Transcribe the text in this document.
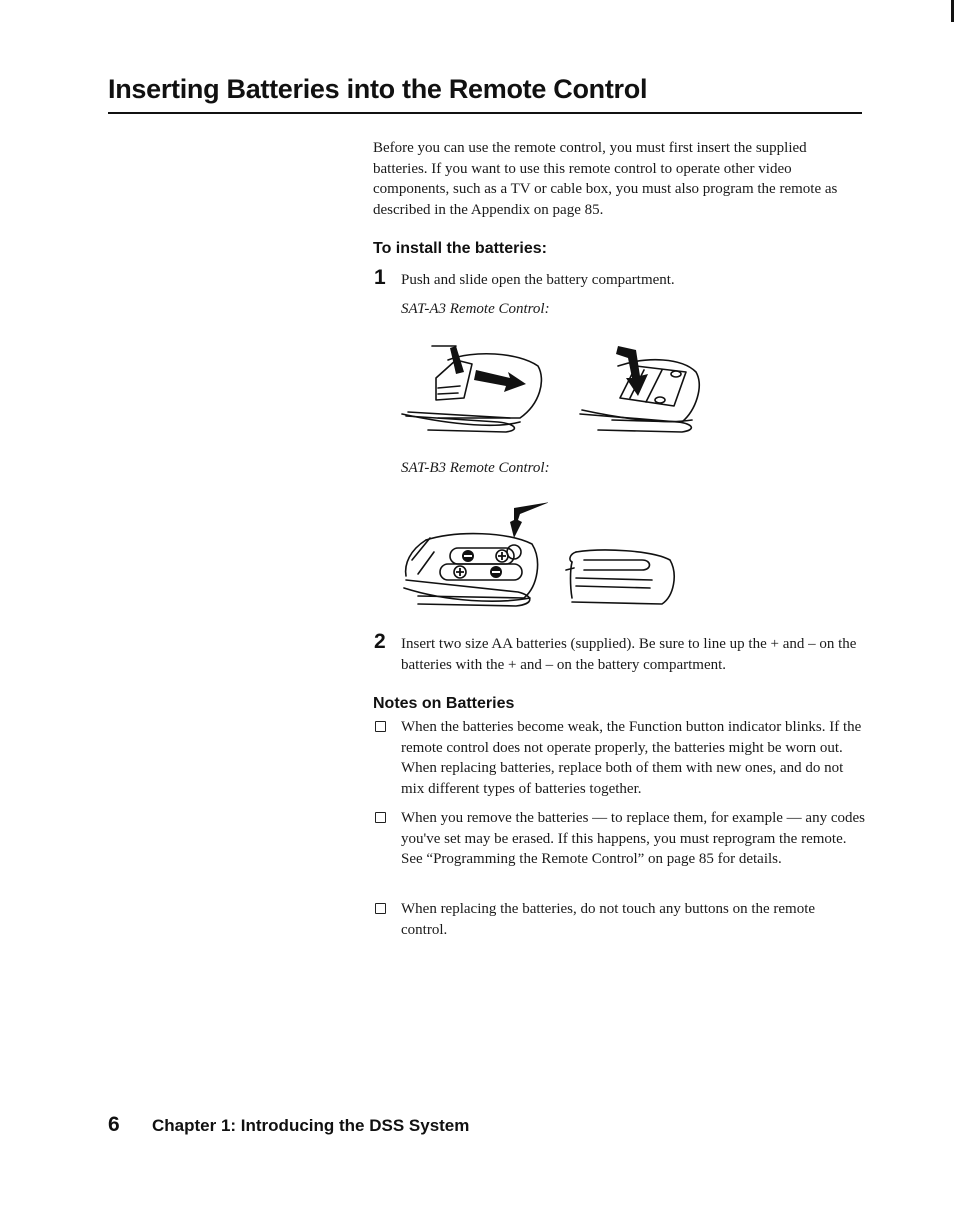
Inserting Batteries into the Remote Control

Before you can use the remote control, you must first insert the supplied batteries. If you want to use this remote control to operate other video components, such as a TV or cable box, you must also program the remote as described in the Appendix on page 85.

To install the batteries:
1 Push and slide open the battery compartment.
SAT-A3 Remote Control:
SAT-B3 Remote Control:
2 Insert two size AA batteries (supplied). Be sure to line up the + and – on the batteries with the + and – on the battery compartment.
Notes on Batteries
When the batteries become weak, the Function button indicator blinks. If the remote control does not operate properly, the batteries might be worn out. When replacing batteries, replace both of them with new ones, and do not mix different types of batteries together.
When you remove the batteries — to replace them, for example — any codes you've set may be erased. If this happens, you must reprogram the remote. See “Programming the Remote Control” on page 85 for details.
When replacing the batteries, do not touch any buttons on the remote control.
6 Chapter 1: Introducing the DSS System
